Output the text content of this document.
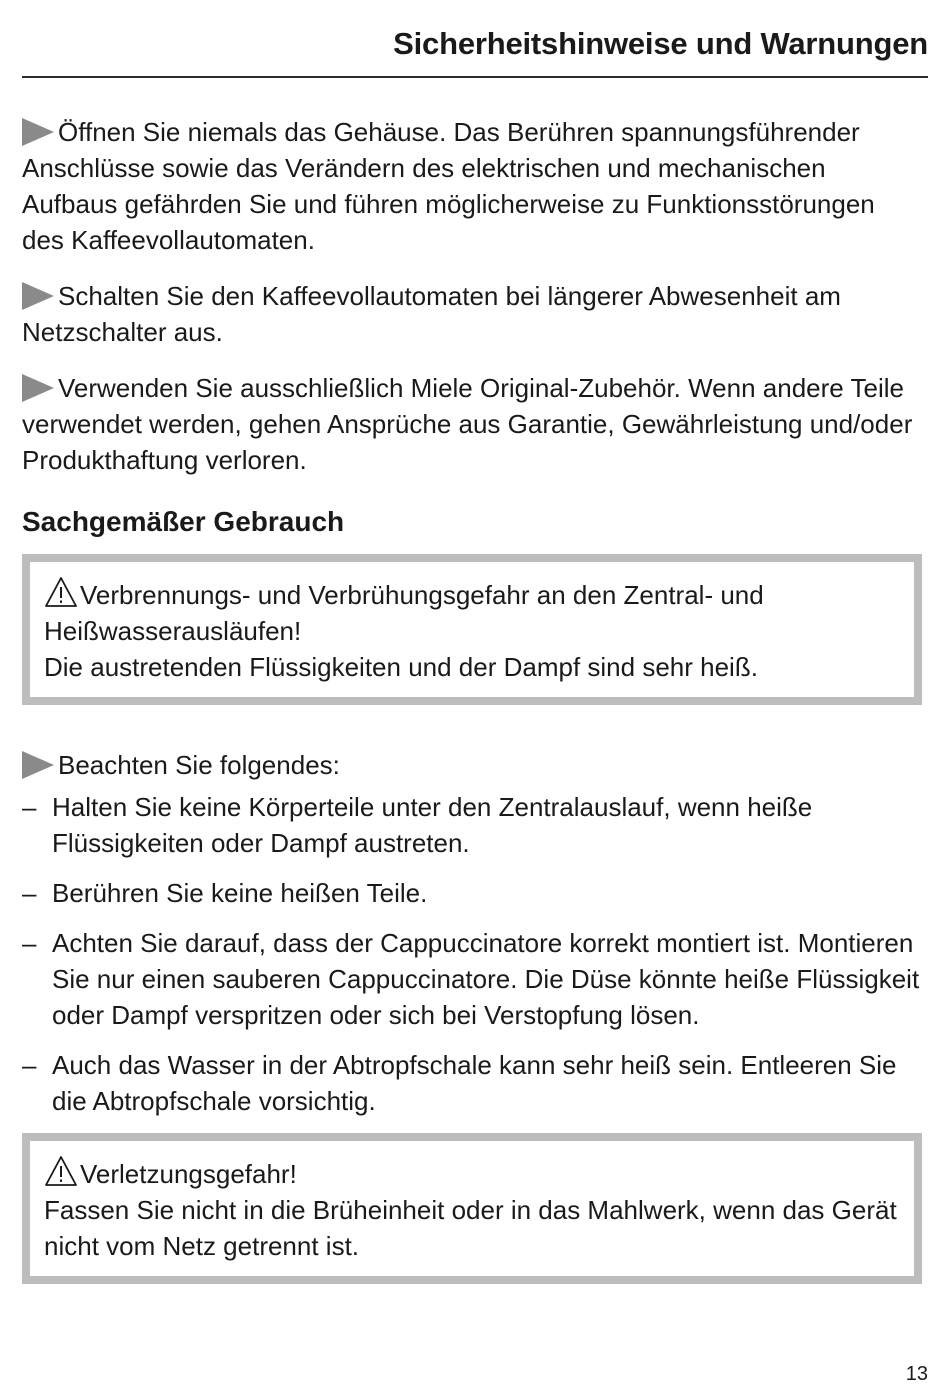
Sicherheitshinweise und Warnungen

Öffnen Sie niemals das Gehäuse. Das Berühren spannungsführender Anschlüsse sowie das Verändern des elektrischen und mechanischen Aufbaus gefährden Sie und führen möglicherweise zu Funktionsstörungen des Kaffeevollautomaten.

Schalten Sie den Kaffeevollautomaten bei längerer Abwesenheit am Netzschalter aus.

Verwenden Sie ausschließlich Miele Original-Zubehör. Wenn andere Teile verwendet werden, gehen Ansprüche aus Garantie, Gewährleistung und/oder Produkthaftung verloren.

Sachgemäßer Gebrauch

Verbrennungs- und Verbrühungsgefahr an den Zentral- und Heißwasserausläufen!

Die austretenden Flüssigkeiten und der Dampf sind sehr heiß.

Beachten Sie folgendes:

– Halten Sie keine Körperteile unter den Zentralauslauf, wenn heiße Flüssigkeiten oder Dampf austreten.
– Berühren Sie keine heißen Teile.
– Achten Sie darauf, dass der Cappuccinatore korrekt montiert ist. Montieren Sie nur einen sauberen Cappuccinatore. Die Düse könnte heiße Flüssigkeit oder Dampf verspritzen oder sich bei Verstopfung lösen.
– Auch das Wasser in der Abtropfschale kann sehr heiß sein. Entleeren Sie die Abtropfschale vorsichtig.

Verletzungsgefahr!

Fassen Sie nicht in die Brüheinheit oder in das Mahlwerk, wenn das Gerät nicht vom Netz getrennt ist.

13
